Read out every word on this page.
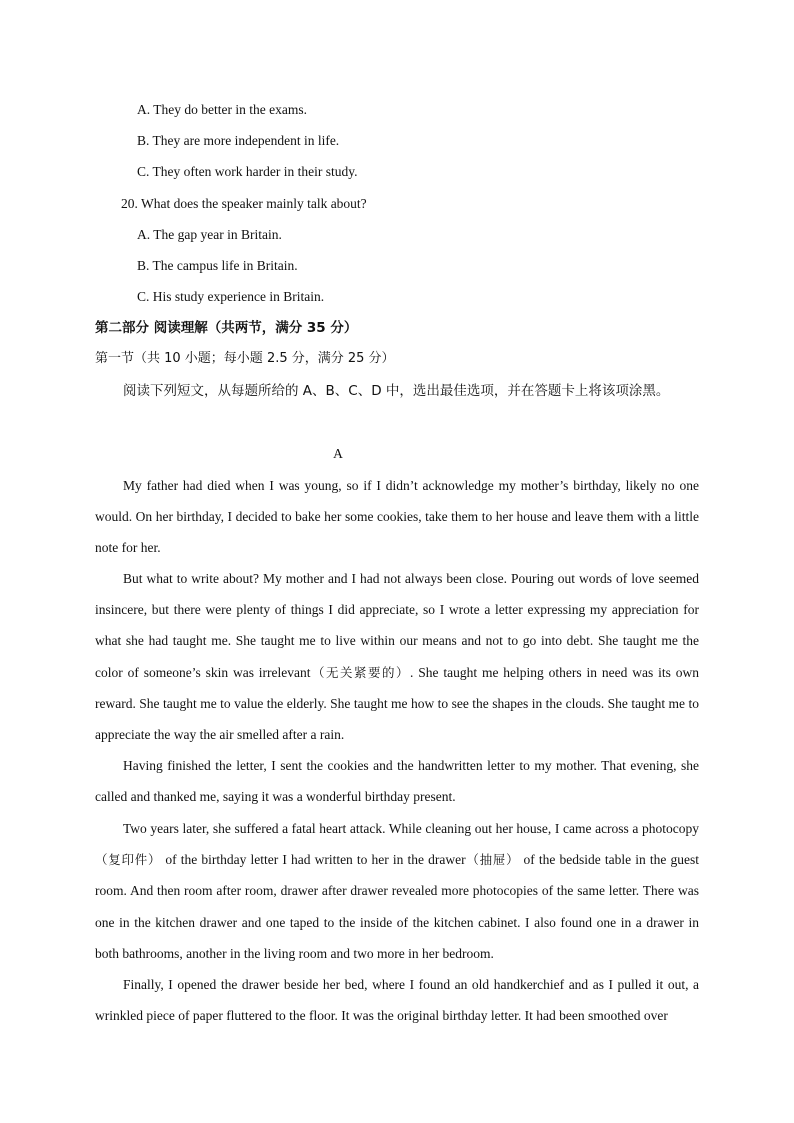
A. They do better in the exams.
B. They are more independent in life.
C. They often work harder in their study.
20. What does the speaker mainly talk about?
A. The gap year in Britain.
B. The campus life in Britain.
C. His study experience in Britain.
第二部分 阅读理解（共两节，满分 35 分）
第一节（共 10 小题；每小题 2.5 分，满分 25 分）
阅读下列短文，从每题所给的 A、B、C、D 中，选出最佳选项，并在答题卡上将该项涂黑。
A

My father had died when I was young, so if I didn’t acknowledge my mother’s birthday, likely no one would. On her birthday, I decided to bake her some cookies, take them to her house and leave them with a little note for her.

But what to write about? My mother and I had not always been close. Pouring out words of love seemed insincere, but there were plenty of things I did appreciate, so I wrote a letter expressing my appreciation for what she had taught me. She taught me to live within our means and not to go into debt. She taught me the color of someone’s skin was irrelevant（无关紧要的）. She taught me helping others in need was its own reward. She taught me to value the elderly. She taught me how to see the shapes in the clouds. She taught me to appreciate the way the air smelled after a rain.

Having finished the letter, I sent the cookies and the handwritten letter to my mother. That evening, she called and thanked me, saying it was a wonderful birthday present.

Two years later, she suffered a fatal heart attack. While cleaning out her house, I came across a photocopy（复印件） of the birthday letter I had written to her in the drawer（抽屉） of the bedside table in the guest room. And then room after room, drawer after drawer revealed more photocopies of the same letter. There was one in the kitchen drawer and one taped to the inside of the kitchen cabinet. I also found one in a drawer in both bathrooms, another in the living room and two more in her bedroom.

Finally, I opened the drawer beside her bed, where I found an old handkerchief and as I pulled it out, a wrinkled piece of paper fluttered to the floor. It was the original birthday letter. It had been smoothed over
